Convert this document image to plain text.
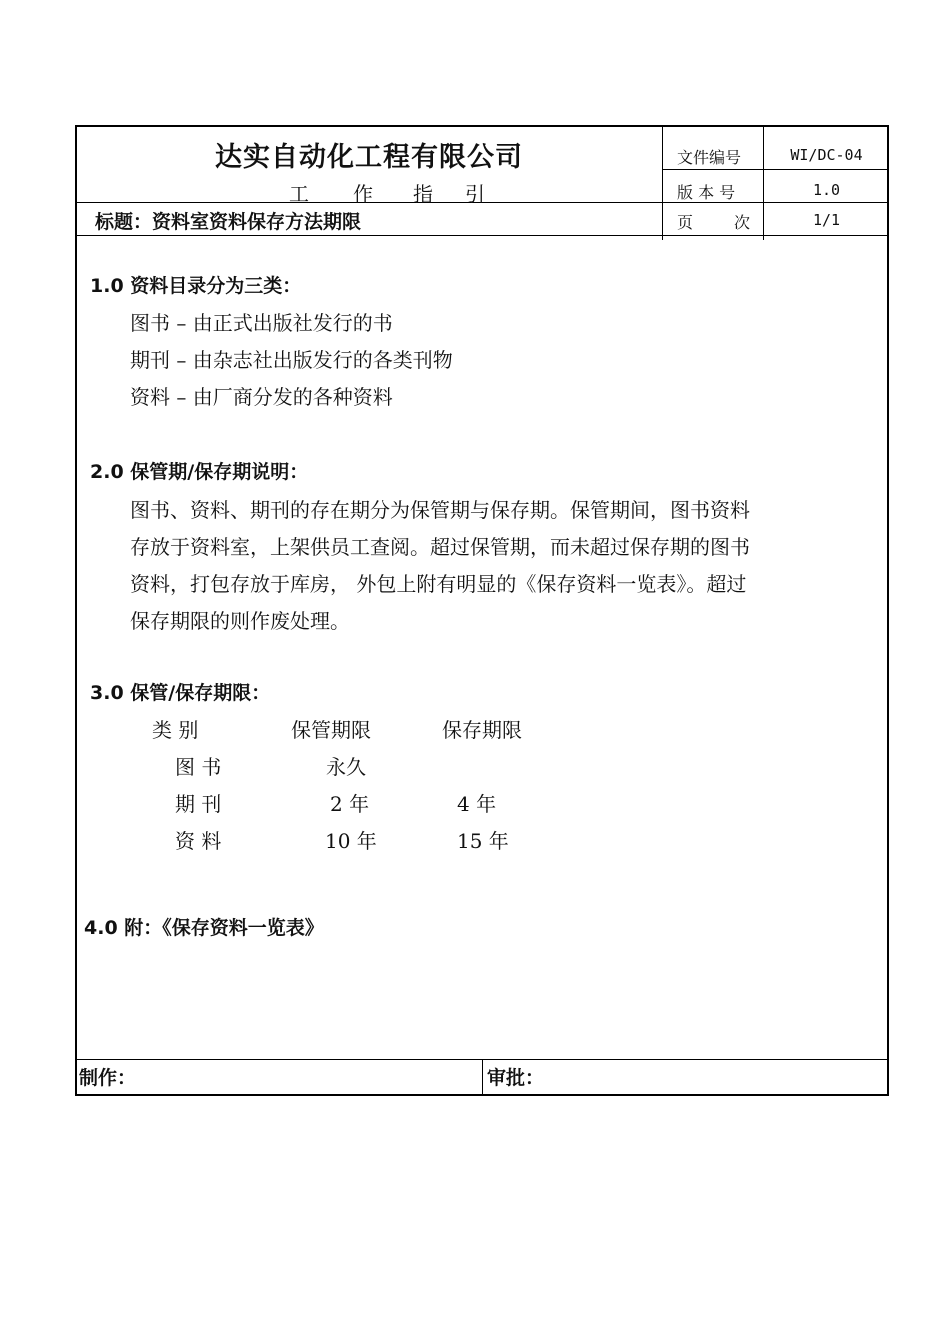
达实自动化工程有限公司
工 作 指 引
标题：资料室资料保存方法期限
文件编号	WI/DC-04
版 本 号	1.0
页	次	1/1
1.0 资料目录分为三类：
图书 – 由正式出版社发行的书
期刊 – 由杂志社出版发行的各类刊物
资料 – 由厂商分发的各种资料
2.0 保管期/保存期说明：
图书、资料、期刊的存在期分为保管期与保存期。保管期间，图书资料
存放于资料室，上架供员工查阅。超过保管期，而未超过保存期的图书
资料，打包存放于库房， 外包上附有明显的《保存资料一览表》。超过
保存期限的则作废处理。
3.0 保管/保存期限：
类 别	保管期限	保存期限
图 书	永久
期 刊	2 年	4 年
资 料	10 年	15 年
4.0 附：《保存资料一览表》
制作：	审批：
